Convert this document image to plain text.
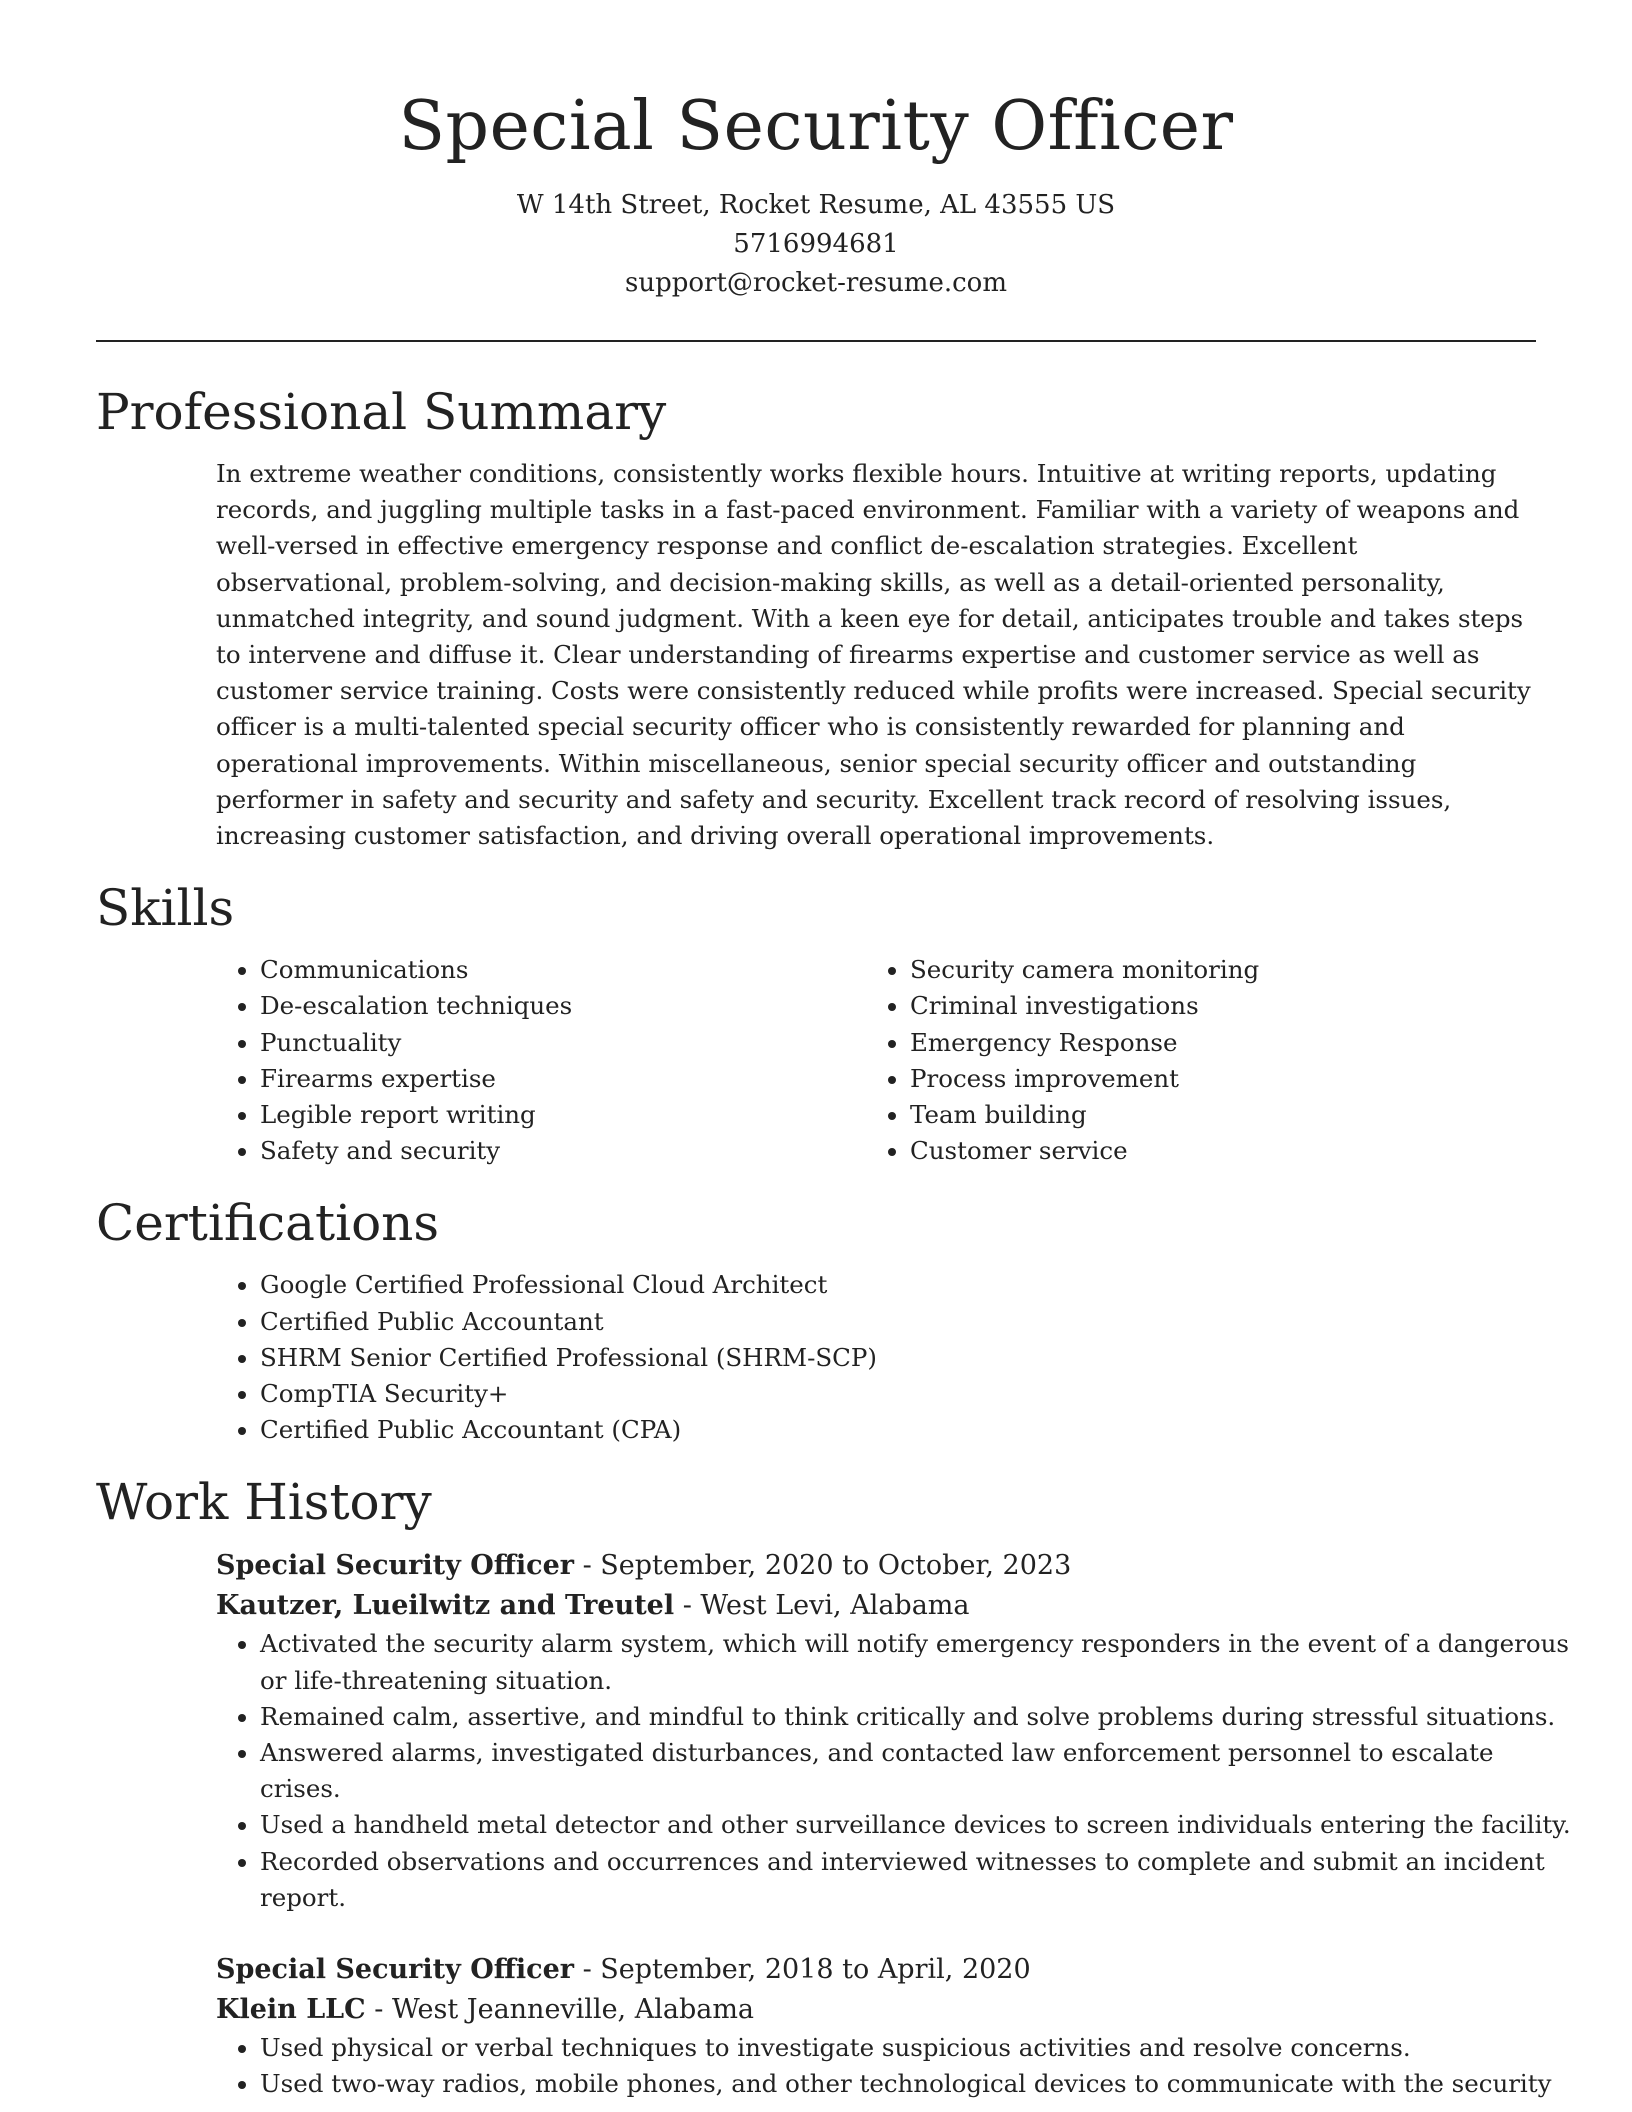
Special Security Officer
W 14th Street, Rocket Resume, AL 43555 US
5716994681
support@rocket-resume.com
Professional Summary

In extreme weather conditions, consistently works flexible hours. Intuitive at writing reports, updating records, and juggling multiple tasks in a fast-paced environment. Familiar with a variety of weapons and well-versed in effective emergency response and conflict de-escalation strategies. Excellent observational, problem-solving, and decision-making skills, as well as a detail-oriented personality, unmatched integrity, and sound judgment. With a keen eye for detail, anticipates trouble and takes steps to intervene and diffuse it. Clear understanding of firearms expertise and customer service as well as customer service training. Costs were consistently reduced while profits were increased. Special security officer is a multi-talented special security officer who is consistently rewarded for planning and operational improvements. Within miscellaneous, senior special security officer and outstanding performer in safety and security and safety and security. Excellent track record of resolving issues, increasing customer satisfaction, and driving overall operational improvements.

Skills
• Communications
• De-escalation techniques
• Punctuality
• Firearms expertise
• Legible report writing
• Safety and security
• Security camera monitoring
• Criminal investigations
• Emergency Response
• Process improvement
• Team building
• Customer service
Certifications
• Google Certified Professional Cloud Architect
• Certified Public Accountant
• SHRM Senior Certified Professional (SHRM-SCP)
• CompTIA Security+
• Certified Public Accountant (CPA)
Work History
Special Security Officer - September, 2020 to October, 2023
Kautzer, Lueilwitz and Treutel - West Levi, Alabama
• Activated the security alarm system, which will notify emergency responders in the event of a dangerous or life-threatening situation.
• Remained calm, assertive, and mindful to think critically and solve problems during stressful situations.
• Answered alarms, investigated disturbances, and contacted law enforcement personnel to escalate crises.
• Used a handheld metal detector and other surveillance devices to screen individuals entering the facility.
• Recorded observations and occurrences and interviewed witnesses to complete and submit an incident report.
Special Security Officer - September, 2018 to April, 2020
Klein LLC - West Jeanneville, Alabama
• Used physical or verbal techniques to investigate suspicious activities and resolve concerns.
• Used two-way radios, mobile phones, and other technological devices to communicate with the security
